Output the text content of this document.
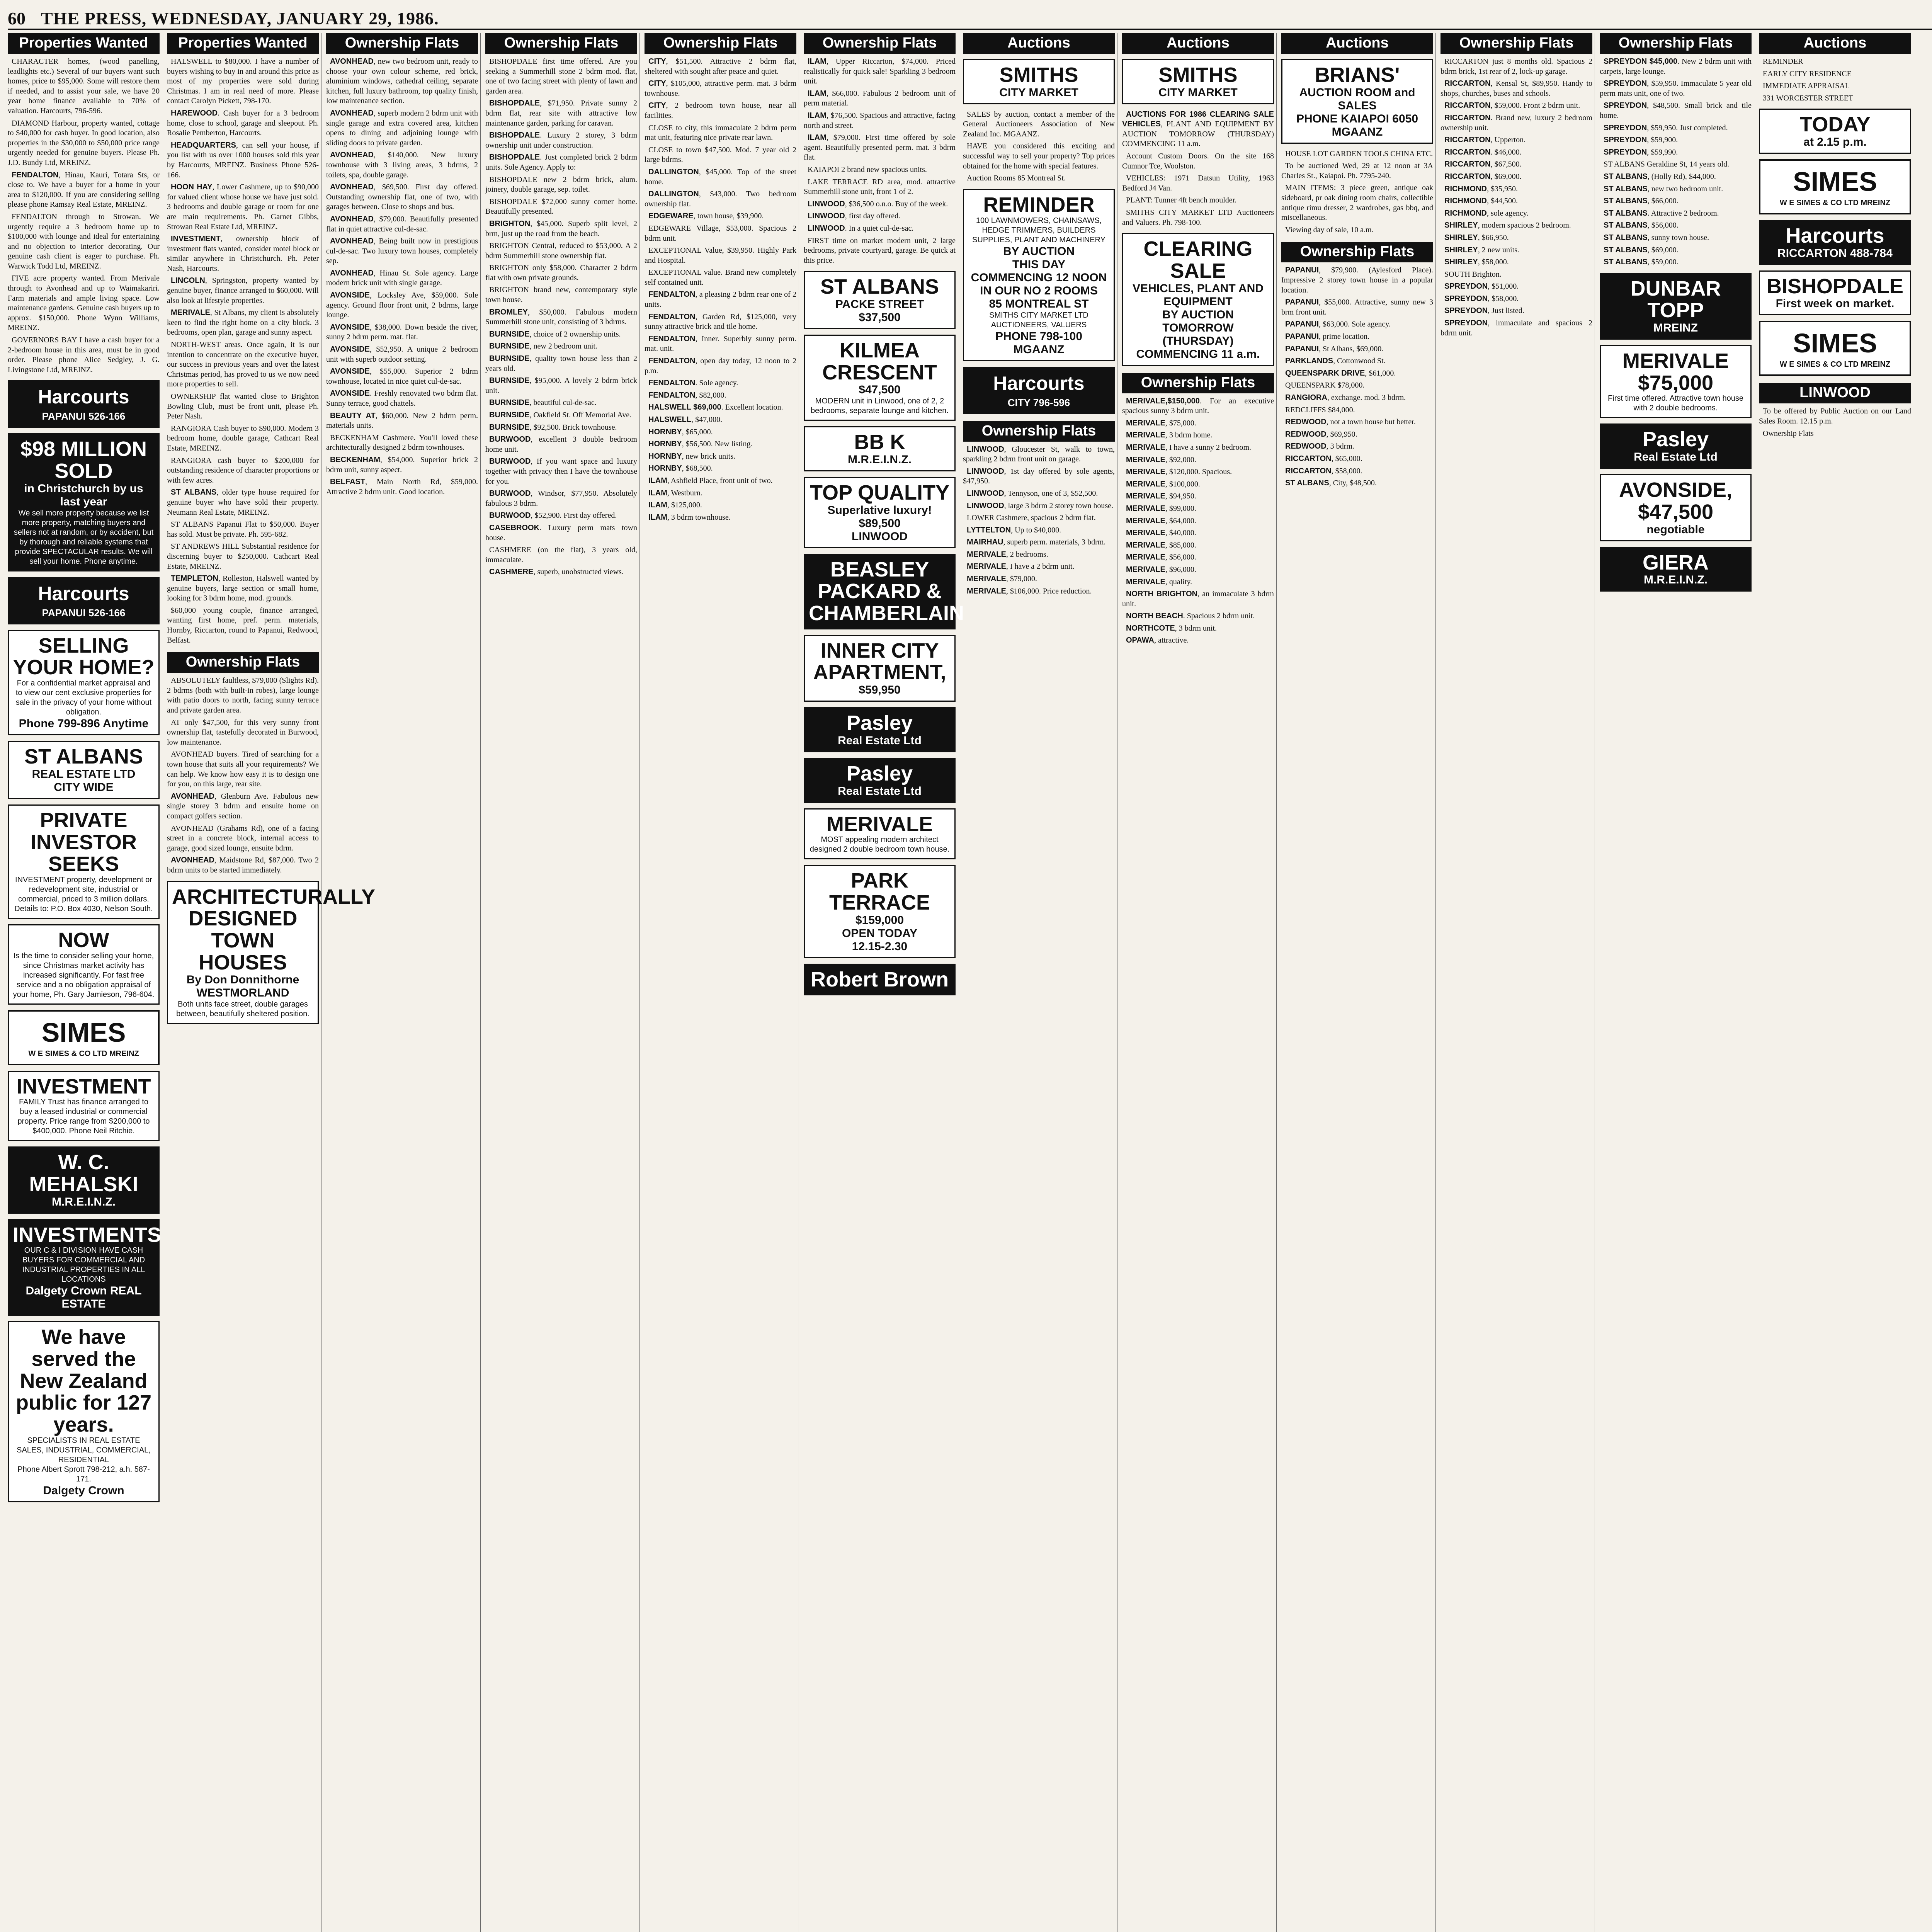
60 THE PRESS, WEDNESDAY, JANUARY 29, 1986.
Properties Wanted

CHARACTER homes, (wood panelling, leadlights etc.) Several of our buyers want such homes, price to $95,000. Some will restore them if needed, and to assist your sale, we have 20 year home finance available to 70% of valuation. Harcourts, 796-596.

DIAMOND Harbour, property wanted, cottage to $40,000 for cash buyer. In good location, also properties in the $30,000 to $50,000 price range urgently needed for genuine buyers. Please Ph. J.D. Bundy Ltd, MREINZ.

FENDALTON, Hinau, Kauri, Totara Sts, or close to. We have a buyer for a home in your area to $120,000. If you are considering selling please phone Ramsay Real Estate, MREINZ.

FENDALTON through to Strowan. We urgently require a 3 bedroom home up to $100,000 with lounge and ideal for entertaining and no objection to interior decorating. Our genuine cash client is eager to purchase. Ph. Warwick Todd Ltd, MREINZ.

FIVE acre property wanted. From Merivale through to Avonhead and up to Waimakariri. Farm materials and ample living space. Low maintenance gardens. Genuine cash buyers up to approx. $150,000. Phone Wynn Williams, MREINZ.

GOVERNORS BAY I have a cash buyer for a 2-bedroom house in this area, must be in good order. Please phone Alice Sedgley, J. G. Livingstone Ltd, MREINZ.

Harcourts
PAPANUI 526-166
$98 MILLION SOLD
in Christchurch by us last year
We sell more property because we list more property, matching buyers and sellers not at random, or by accident, but by thorough and reliable systems that provide SPECTACULAR results. We will sell your home. Phone anytime.
Harcourts
PAPANUI 526-166
SELLING YOUR HOME?
For a confidential market appraisal and to view our cent exclusive properties for sale in the privacy of your home without obligation.
Phone 799-896 Anytime
ST ALBANS
REAL ESTATE LTD
CITY WIDE
PRIVATE INVESTOR SEEKS
INVESTMENT property, development or redevelopment site, industrial or commercial, priced to 3 million dollars.
Details to: P.O. Box 4030, Nelson South.
NOW
Is the time to consider selling your home, since Christmas market activity has increased significantly. For fast free service and a no obligation appraisal of your home, Ph. Gary Jamieson, 796-604.
SIMES
W E SIMES & CO LTD MREINZ
INVESTMENT
FAMILY Trust has finance arranged to buy a leased industrial or commercial property. Price range from $200,000 to $400,000. Phone Neil Ritchie.
W. C. MEHALSKI
M.R.E.I.N.Z.
INVESTMENTS
OUR C & I DIVISION HAVE CASH BUYERS FOR COMMERCIAL AND INDUSTRIAL PROPERTIES IN ALL LOCATIONS
Dalgety Crown REAL ESTATE
We have served the New Zealand public for 127 years.
SPECIALISTS IN REAL ESTATE SALES, INDUSTRIAL, COMMERCIAL, RESIDENTIAL
Phone Albert Sprott 798-212, a.h. 587-171.
Dalgety Crown
Properties Wanted

HALSWELL to $80,000. I have a number of buyers wishing to buy in and around this price as most of my properties were sold during Christmas. I am in real need of more. Please contact Carolyn Pickett, 798-170.

HAREWOOD. Cash buyer for a 3 bedroom home, close to school, garage and sleepout. Ph. Rosalie Pemberton, Harcourts.

HEADQUARTERS, can sell your house, if you list with us over 1000 houses sold this year by Harcourts, MREINZ. Business Phone 526-166.

HOON HAY, Lower Cashmere, up to $90,000 for valued client whose house we have just sold. 3 bedrooms and double garage or room for one are main requirements. Ph. Garnet Gibbs, Strowan Real Estate Ltd, MREINZ.

INVESTMENT, ownership block of investment flats wanted, consider motel block or similar anywhere in Christchurch. Ph. Peter Nash, Harcourts.

LINCOLN, Springston, property wanted by genuine buyer, finance arranged to $60,000. Will also look at lifestyle properties.

MERIVALE, St Albans, my client is absolutely keen to find the right home on a city block. 3 bedrooms, open plan, garage and sunny aspect.

NORTH-WEST areas. Once again, it is our intention to concentrate on the executive buyer, our success in previous years and over the latest Christmas period, has proved to us we now need more properties to sell.

OWNERSHIP flat wanted close to Brighton Bowling Club, must be front unit, please Ph. Peter Nash.

RANGIORA Cash buyer to $90,000. Modern 3 bedroom home, double garage, Cathcart Real Estate, MREINZ.

RANGIORA cash buyer to $200,000 for outstanding residence of character proportions or with few acres.

ST ALBANS, older type house required for genuine buyer who have sold their property. Neumann Real Estate, MREINZ.

ST ALBANS Papanui Flat to $50,000. Buyer has sold. Must be private. Ph. 595-682.

ST ANDREWS HILL Substantial residence for discerning buyer to $250,000. Cathcart Real Estate, MREINZ.

TEMPLETON, Rolleston, Halswell wanted by genuine buyers, large section or small home, looking for 3 bdrm home, mod. grounds.

$60,000 young couple, finance arranged, wanting first home, pref. perm. materials, Hornby, Riccarton, round to Papanui, Redwood, Belfast.

Ownership Flats

ABSOLUTELY faultless, $79,000 (Slights Rd). 2 bdrms (both with built-in robes), large lounge with patio doors to north, facing sunny terrace and private garden area.

AT only $47,500, for this very sunny front ownership flat, tastefully decorated in Burwood, low maintenance.

AVONHEAD buyers. Tired of searching for a town house that suits all your requirements? We can help. We know how easy it is to design one for you, on this large, rear site.

AVONHEAD, Glenburn Ave. Fabulous new single storey 3 bdrm and ensuite home on compact golfers section.

AVONHEAD (Grahams Rd), one of a facing street in a concrete block, internal access to garage, good sized lounge, ensuite bdrm.

AVONHEAD, Maidstone Rd, $87,000. Two 2 bdrm units to be started immediately.

ARCHITECTURALLY DESIGNED TOWN HOUSES
By Don Donnithorne
WESTMORLAND
Both units face street, double garages between, beautifully sheltered position.
Ownership Flats

AVONHEAD, new two bedroom unit, ready to choose your own colour scheme, red brick, aluminium windows, cathedral ceiling, separate kitchen, full luxury bathroom, top quality finish, low maintenance section.

AVONHEAD, superb modern 2 bdrm unit with single garage and extra covered area, kitchen opens to dining and adjoining lounge with sliding doors to private garden.

AVONHEAD, $140,000. New luxury townhouse with 3 living areas, 3 bdrms, 2 toilets, spa, double garage.

AVONHEAD, $69,500. First day offered. Outstanding ownership flat, one of two, with garages between. Close to shops and bus.

AVONHEAD, $79,000. Beautifully presented flat in quiet attractive cul-de-sac.

AVONHEAD, Being built now in prestigious cul-de-sac. Two luxury town houses, completely sep.

AVONHEAD, Hinau St. Sole agency. Large modern brick unit with single garage.

AVONSIDE, Locksley Ave, $59,000. Sole agency. Ground floor front unit, 2 bdrms, large lounge.

AVONSIDE, $38,000. Down beside the river, sunny 2 bdrm perm. mat. flat.

AVONSIDE, $52,950. A unique 2 bedroom unit with superb outdoor setting.

AVONSIDE, $55,000. Superior 2 bdrm townhouse, located in nice quiet cul-de-sac.

AVONSIDE. Freshly renovated two bdrm flat. Sunny terrace, good chattels.

BEAUTY AT, $60,000. New 2 bdrm perm. materials units.

BECKENHAM Cashmere. You'll loved these architecturally designed 2 bdrm townhouses.

BECKENHAM, $54,000. Superior brick 2 bdrm unit, sunny aspect.

BELFAST, Main North Rd, $59,000. Attractive 2 bdrm unit. Good location.

Ownership Flats

BISHOPDALE first time offered. Are you seeking a Summerhill stone 2 bdrm mod. flat, one of two facing street with plenty of lawn and garden area.

BISHOPDALE, $71,950. Private sunny 2 bdrm flat, rear site with attractive low maintenance garden, parking for caravan.

BISHOPDALE. Luxury 2 storey, 3 bdrm ownership unit under construction.

BISHOPDALE. Just completed brick 2 bdrm units. Sole Agency. Apply to:

BISHOPDALE new 2 bdrm brick, alum. joinery, double garage, sep. toilet.

BISHOPDALE $72,000 sunny corner home. Beautifully presented.

BRIGHTON, $45,000. Superb split level, 2 brm, just up the road from the beach.

BRIGHTON Central, reduced to $53,000. A 2 bdrm Summerhill stone ownership flat.

BRIGHTON only $58,000. Character 2 bdrm flat with own private grounds.

BRIGHTON brand new, contemporary style town house.

BROMLEY, $50,000. Fabulous modern Summerhill stone unit, consisting of 3 bdrms.

BURNSIDE, choice of 2 ownership units.

BURNSIDE, new 2 bedroom unit.

BURNSIDE, quality town house less than 2 years old.

BURNSIDE, $95,000. A lovely 2 bdrm brick unit.

BURNSIDE, beautiful cul-de-sac.

BURNSIDE, Oakfield St. Off Memorial Ave.

BURNSIDE, $92,500. Brick townhouse.

BURWOOD, excellent 3 double bedroom home unit.

BURWOOD, If you want space and luxury together with privacy then I have the townhouse for you.

BURWOOD, Windsor, $77,950. Absolutely fabulous 3 bdrm.

BURWOOD, $52,900. First day offered.

CASEBROOK. Luxury perm mats town house.

CASHMERE (on the flat), 3 years old, immaculate.

CASHMERE, superb, unobstructed views.

Ownership Flats

CITY, $51,500. Attractive 2 bdrm flat, sheltered with sought after peace and quiet.

CITY, $105,000, attractive perm. mat. 3 bdrm townhouse.

CITY, 2 bedroom town house, near all facilities.

CLOSE to city, this immaculate 2 bdrm perm mat unit, featuring nice private rear lawn.

CLOSE to town $47,500. Mod. 7 year old 2 large bdrms.

DALLINGTON, $45,000. Top of the street home.

DALLINGTON, $43,000. Two bedroom ownership flat.

EDGEWARE, town house, $39,900.

EDGEWARE Village, $53,000. Spacious 2 bdrm unit.

EXCEPTIONAL Value, $39,950. Highly Park and Hospital.

EXCEPTIONAL value. Brand new completely self contained unit.

FENDALTON, a pleasing 2 bdrm rear one of 2 units.

FENDALTON, Garden Rd, $125,000, very sunny attractive brick and tile home.

FENDALTON, Inner. Superbly sunny perm. mat. unit.

FENDALTON, open day today, 12 noon to 2 p.m.

FENDALTON. Sole agency.

FENDALTON, $82,000.

HALSWELL $69,000. Excellent location.

HALSWELL, $47,000.

HORNBY, $65,000.

HORNBY, $56,500. New listing.

HORNBY, new brick units.

HORNBY, $68,500.

ILAM, Ashfield Place, front unit of two.

ILAM, Westburn.

ILAM, $125,000.

ILAM, 3 bdrm townhouse.

Ownership Flats

ILAM, Upper Riccarton, $74,000. Priced realistically for quick sale! Sparkling 3 bedroom unit.

ILAM, $66,000. Fabulous 2 bedroom unit of perm material.

ILAM, $76,500. Spacious and attractive, facing north and street.

ILAM, $79,000. First time offered by sole agent. Beautifully presented perm. mat. 3 bdrm flat.

KAIAPOI 2 brand new spacious units.

LAKE TERRACE RD area, mod. attractive Summerhill stone unit, front 1 of 2.

LINWOOD, $36,500 o.n.o. Buy of the week.

LINWOOD, first day offered.

LINWOOD. In a quiet cul-de-sac.

FIRST time on market modern unit, 2 large bedrooms, private courtyard, garage. Be quick at this price.

ST ALBANS
PACKE STREET
$37,500
KILMEA CRESCENT
$47,500
MODERN unit in Linwood, one of 2, 2 bedrooms, separate lounge and kitchen.
BB K
M.R.E.I.N.Z.
TOP QUALITY
Superlative luxury!
$89,500
LINWOOD
BEASLEY PACKARD & CHAMBERLAIN
INNER CITY APARTMENT,
$59,950
Pasley
Real Estate Ltd
Pasley
Real Estate Ltd
MERIVALE
MOST appealing modern architect designed 2 double bedroom town house.
PARK TERRACE
$159,000
OPEN TODAY
12.15-2.30
Robert Brown
Auctions
SMITHS
CITY MARKET

SALES by auction, contact a member of the General Auctioneers Association of New Zealand Inc. MGAANZ.

HAVE you considered this exciting and successful way to sell your property? Top prices obtained for the home with special features.

Auction Rooms 85 Montreal St.

REMINDER
100 LAWNMOWERS, CHAINSAWS, HEDGE TRIMMERS, BUILDERS SUPPLIES, PLANT AND MACHINERY
BY AUCTION
THIS DAY
COMMENCING 12 NOON
IN OUR NO 2 ROOMS
85 MONTREAL ST
SMITHS CITY MARKET LTD AUCTIONEERS, VALUERS
PHONE 798-100
MGAANZ
Harcourts
CITY 796-596
Ownership Flats

LINWOOD, Gloucester St, walk to town, sparkling 2 bdrm front unit on garage.

LINWOOD, 1st day offered by sole agents, $47,950.

LINWOOD, Tennyson, one of 3, $52,500.

LINWOOD, large 3 bdrm 2 storey town house.

LOWER Cashmere, spacious 2 bdrm flat.

LYTTELTON, Up to $40,000.

MAIRHAU, superb perm. materials, 3 bdrm.

MERIVALE, 2 bedrooms.

MERIVALE, I have a 2 bdrm unit.

MERIVALE, $79,000.

MERIVALE, $106,000. Price reduction.

Auctions
SMITHS
CITY MARKET

AUCTIONS FOR 1986 CLEARING SALE VEHICLES, PLANT AND EQUIPMENT BY AUCTION TOMORROW (THURSDAY) COMMENCING 11 a.m.

Account Custom Doors. On the site 168 Cumnor Tce, Woolston.

VEHICLES: 1971 Datsun Utility, 1963 Bedford J4 Van.

PLANT: Tunner 4ft bench moulder.

SMITHS CITY MARKET LTD Auctioneers and Valuers. Ph. 798-100.

CLEARING SALE
VEHICLES, PLANT AND EQUIPMENT
BY AUCTION
TOMORROW (THURSDAY)
COMMENCING 11 a.m.
Ownership Flats

MERIVALE,$150,000. For an executive spacious sunny 3 bdrm unit.

MERIVALE, $75,000.

MERIVALE, 3 bdrm home.

MERIVALE, I have a sunny 2 bedroom.

MERIVALE, $92,000.

MERIVALE, $120,000. Spacious.

MERIVALE, $100,000.

MERIVALE, $94,950.

MERIVALE, $99,000.

MERIVALE, $64,000.

MERIVALE, $40,000.

MERIVALE, $85,000.

MERIVALE, $56,000.

MERIVALE, $96,000.

MERIVALE, quality.

NORTH BRIGHTON, an immaculate 3 bdrm unit.

NORTH BEACH. Spacious 2 bdrm unit.

NORTHCOTE, 3 bdrm unit.

OPAWA, attractive.

Auctions
BRIANS'
AUCTION ROOM and SALES
PHONE KAIAPOI 6050 MGAANZ

HOUSE LOT GARDEN TOOLS CHINA ETC.

To be auctioned Wed, 29 at 12 noon at 3A Charles St., Kaiapoi. Ph. 7795-240.

MAIN ITEMS: 3 piece green, antique oak sideboard, pr oak dining room chairs, collectible antique rimu dresser, 2 wardrobes, gas bbq, and miscellaneous.

Viewing day of sale, 10 a.m.

Ownership Flats

PAPANUI, $79,900. (Aylesford Place). Impressive 2 storey town house in a popular location.

PAPANUI, $55,000. Attractive, sunny new 3 brm front unit.

PAPANUI, $63,000. Sole agency.

PAPANUI, prime location.

PAPANUI, St Albans, $69,000.

PARKLANDS, Cottonwood St.

QUEENSPARK DRIVE, $61,000.

QUEENSPARK $78,000.

RANGIORA, exchange. mod. 3 bdrm.

REDCLIFFS $84,000.

REDWOOD, not a town house but better.

REDWOOD, $69,950.

REDWOOD, 3 bdrm.

RICCARTON, $65,000.

RICCARTON, $58,000.

ST ALBANS, City, $48,500.

Ownership Flats

RICCARTON just 8 months old. Spacious 2 bdrm brick, 1st rear of 2, lock-up garage.

RICCARTON, Kensal St, $89,950. Handy to shops, churches, buses and schools.

RICCARTON, $59,000. Front 2 bdrm unit.

RICCARTON. Brand new, luxury 2 bedroom ownership unit.

RICCARTON, Upperton.

RICCARTON. $46,000.

RICCARTON, $67,500.

RICCARTON, $69,000.

RICHMOND, $35,950.

RICHMOND, $44,500.

RICHMOND, sole agency.

SHIRLEY, modern spacious 2 bedroom.

SHIRLEY, $66,950.

SHIRLEY, 2 new units.

SHIRLEY, $58,000.

SOUTH Brighton.

SPREYDON, $51,000.

SPREYDON, $58,000.

SPREYDON, Just listed.

SPREYDON, immaculate and spacious 2 bdrm unit.

Ownership Flats

SPREYDON $45,000. New 2 bdrm unit with carpets, large lounge.

SPREYDON, $59,950. Immaculate 5 year old perm mats unit, one of two.

SPREYDON, $48,500. Small brick and tile home.

SPREYDON, $59,950. Just completed.

SPREYDON, $59,900.

SPREYDON, $59,990.

ST ALBANS Geraldine St, 14 years old.

ST ALBANS, (Holly Rd), $44,000.

ST ALBANS, new two bedroom unit.

ST ALBANS, $66,000.

ST ALBANS. Attractive 2 bedroom.

ST ALBANS, $56,000.

ST ALBANS, sunny town house.

ST ALBANS, $69,000.

ST ALBANS, $59,000.

DUNBAR TOPP
MREINZ
MERIVALE $75,000
First time offered. Attractive town house with 2 double bedrooms.
Pasley
Real Estate Ltd
AVONSIDE, $47,500
negotiable
GIERA
M.R.E.I.N.Z.
Auctions

REMINDER

EARLY CITY RESIDENCE

IMMEDIATE APPRAISAL

331 WORCESTER STREET

TODAY
at 2.15 p.m.
SIMES
W E SIMES & CO LTD MREINZ
Harcourts
RICCARTON 488-784
BISHOPDALE
First week on market.
SIMES
W E SIMES & CO LTD MREINZ
LINWOOD

To be offered by Public Auction on our Land Sales Room. 12.15 p.m.

Ownership Flats
